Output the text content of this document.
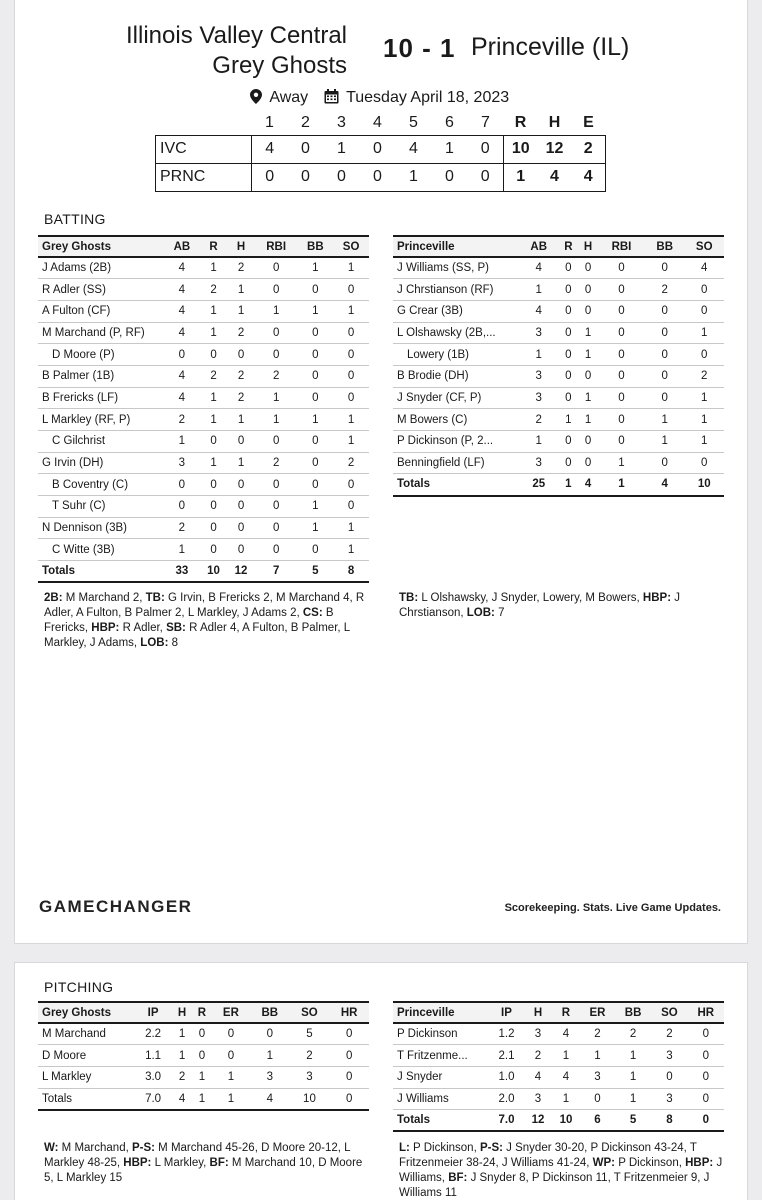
Illinois Valley Central
Grey Ghosts
10 - 1 Princeville (IL)
Away Tuesday April 18, 2023
	1	2	3	4	5	6	7	R	H	E
IVC	4	0	1	0	4	1	0	10	12	2
PRNC	0	0	0	0	1	0	0	1	4	4
BATTING
Grey Ghosts	AB	R	H	RBI	BB	SO
J Adams (2B)	4	1	2	0	1	1
R Adler (SS)	4	2	1	0	0	0
A Fulton (CF)	4	1	1	1	1	1
M Marchand (P, RF)	4	1	2	0	0	0
D Moore (P)	0	0	0	0	0	0
B Palmer (1B)	4	2	2	2	0	0
B Frericks (LF)	4	1	2	1	0	0
L Markley (RF, P)	2	1	1	1	1	1
C Gilchrist	1	0	0	0	0	1
G Irvin (DH)	3	1	1	2	0	2
B Coventry (C)	0	0	0	0	0	0
T Suhr (C)	0	0	0	0	1	0
N Dennison (3B)	2	0	0	0	1	1
C Witte (3B)	1	0	0	0	0	1
Totals	33	10	12	7	5	8
Princeville	AB	R	H	RBI	BB	SO
J Williams (SS, P)	4	0	0	0	0	4
J Chrstianson (RF)	1	0	0	0	2	0
G Crear (3B)	4	0	0	0	0	0
L Olshawsky (2B,...	3	0	1	0	0	1
Lowery (1B)	1	0	1	0	0	0
B Brodie (DH)	3	0	0	0	0	2
J Snyder (CF, P)	3	0	1	0	0	1
M Bowers (C)	2	1	1	0	1	1
P Dickinson (P, 2...	1	0	0	0	1	1
Benningfield (LF)	3	0	0	1	0	0
Totals	25	1	4	1	4	10
2B: M Marchand 2, TB: G Irvin, B Frericks 2, M Marchand 4, R Adler, A Fulton, B Palmer 2, L Markley, J Adams 2, CS: B Frericks, HBP: R Adler, SB: R Adler 4, A Fulton, B Palmer, L Markley, J Adams, LOB: 8
TB: L Olshawsky, J Snyder, Lowery, M Bowers, HBP: J Chrstianson, LOB: 7
GAMECHANGER	Scorekeeping. Stats. Live Game Updates.
PITCHING
Grey Ghosts	IP	H	R	ER	BB	SO	HR
M Marchand	2.2	1	0	0	0	5	0
D Moore	1.1	1	0	0	1	2	0
L Markley	3.0	2	1	1	3	3	0
Totals	7.0	4	1	1	4	10	0
Princeville	IP	H	R	ER	BB	SO	HR
P Dickinson	1.2	3	4	2	2	2	0
T Fritzenme...	2.1	2	1	1	1	3	0
J Snyder	1.0	4	4	3	1	0	0
J Williams	2.0	3	1	0	1	3	0
Totals	7.0	12	10	6	5	8	0
W: M Marchand, P-S: M Marchand 45-26, D Moore 20-12, L Markley 48-25, HBP: L Markley, BF: M Marchand 10, D Moore 5, L Markley 15
L: P Dickinson, P-S: J Snyder 30-20, P Dickinson 43-24, T Fritzenmeier 38-24, J Williams 41-24, WP: P Dickinson, HBP: J Williams, BF: J Snyder 8, P Dickinson 11, T Fritzenmeier 9, J Williams 11
